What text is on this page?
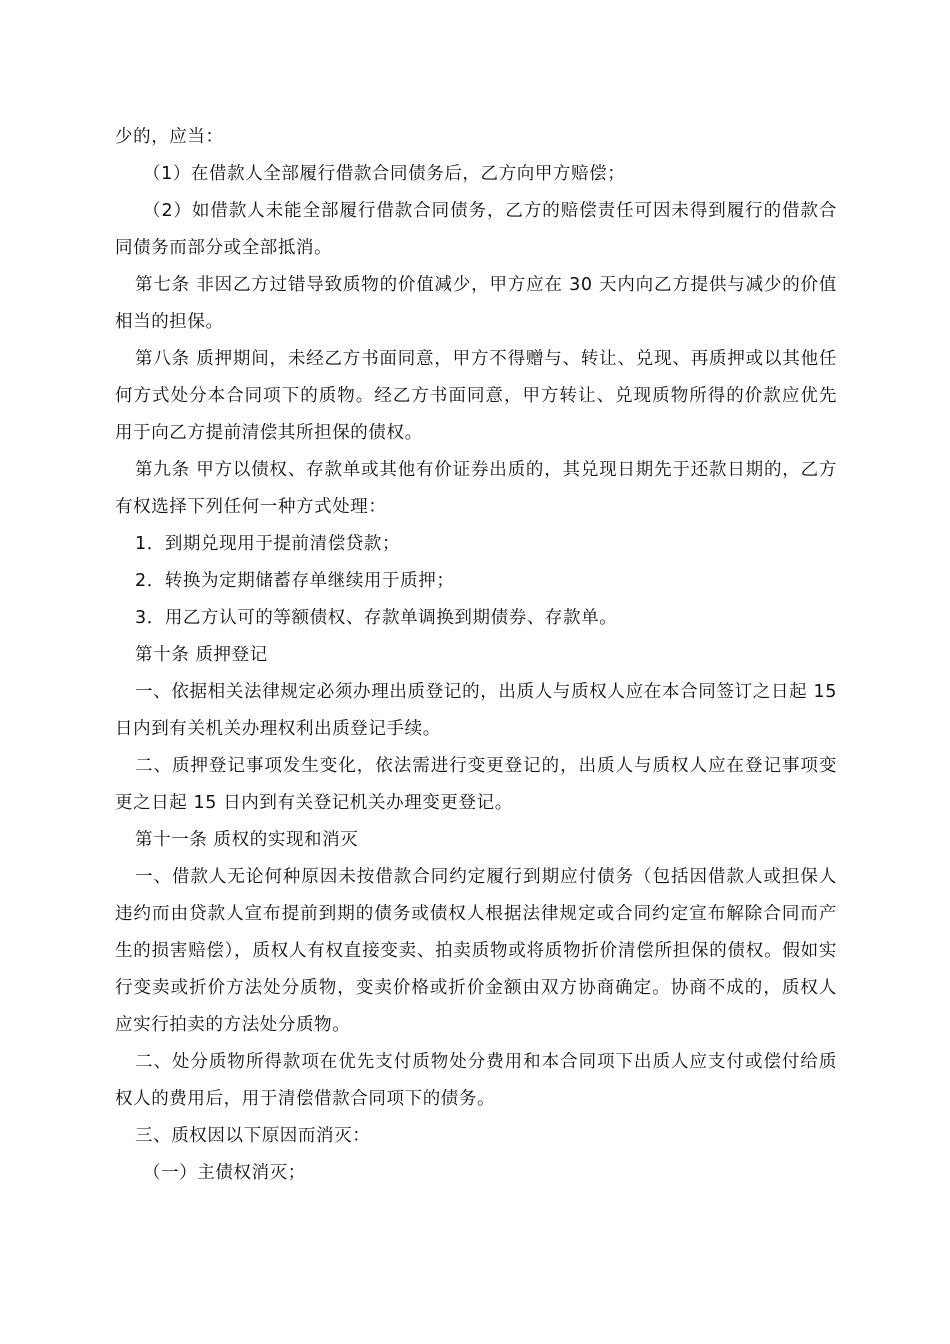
少的，应当：

（1）在借款人全部履行借款合同债务后，乙方向甲方赔偿；

（2）如借款人未能全部履行借款合同债务，乙方的赔偿责任可因未得到履行的借款合同债务而部分或全部抵消。

第七条 非因乙方过错导致质物的价值减少，甲方应在 30 天内向乙方提供与减少的价值相当的担保。

第八条 质押期间，未经乙方书面同意，甲方不得赠与、转让、兑现、再质押或以其他任何方式处分本合同项下的质物。经乙方书面同意，甲方转让、兑现质物所得的价款应优先用于向乙方提前清偿其所担保的债权。

第九条 甲方以债权、存款单或其他有价证券出质的，其兑现日期先于还款日期的，乙方有权选择下列任何一种方式处理：

1．到期兑现用于提前清偿贷款；

2．转换为定期储蓄存单继续用于质押；

3．用乙方认可的等额债权、存款单调换到期债券、存款单。

第十条 质押登记

一、依据相关法律规定必须办理出质登记的，出质人与质权人应在本合同签订之日起 15 日内到有关机关办理权利出质登记手续。

二、质押登记事项发生变化，依法需进行变更登记的，出质人与质权人应在登记事项变更之日起 15 日内到有关登记机关办理变更登记。

第十一条 质权的实现和消灭

一、借款人无论何种原因未按借款合同约定履行到期应付债务（包括因借款人或担保人违约而由贷款人宣布提前到期的债务或债权人根据法律规定或合同约定宣布解除合同而产生的损害赔偿），质权人有权直接变卖、拍卖质物或将质物折价清偿所担保的债权。假如实行变卖或折价方法处分质物，变卖价格或折价金额由双方协商确定。协商不成的，质权人应实行拍卖的方法处分质物。

二、处分质物所得款项在优先支付质物处分费用和本合同项下出质人应支付或偿付给质权人的费用后，用于清偿借款合同项下的债务。

三、质权因以下原因而消灭：

（一）主债权消灭；
